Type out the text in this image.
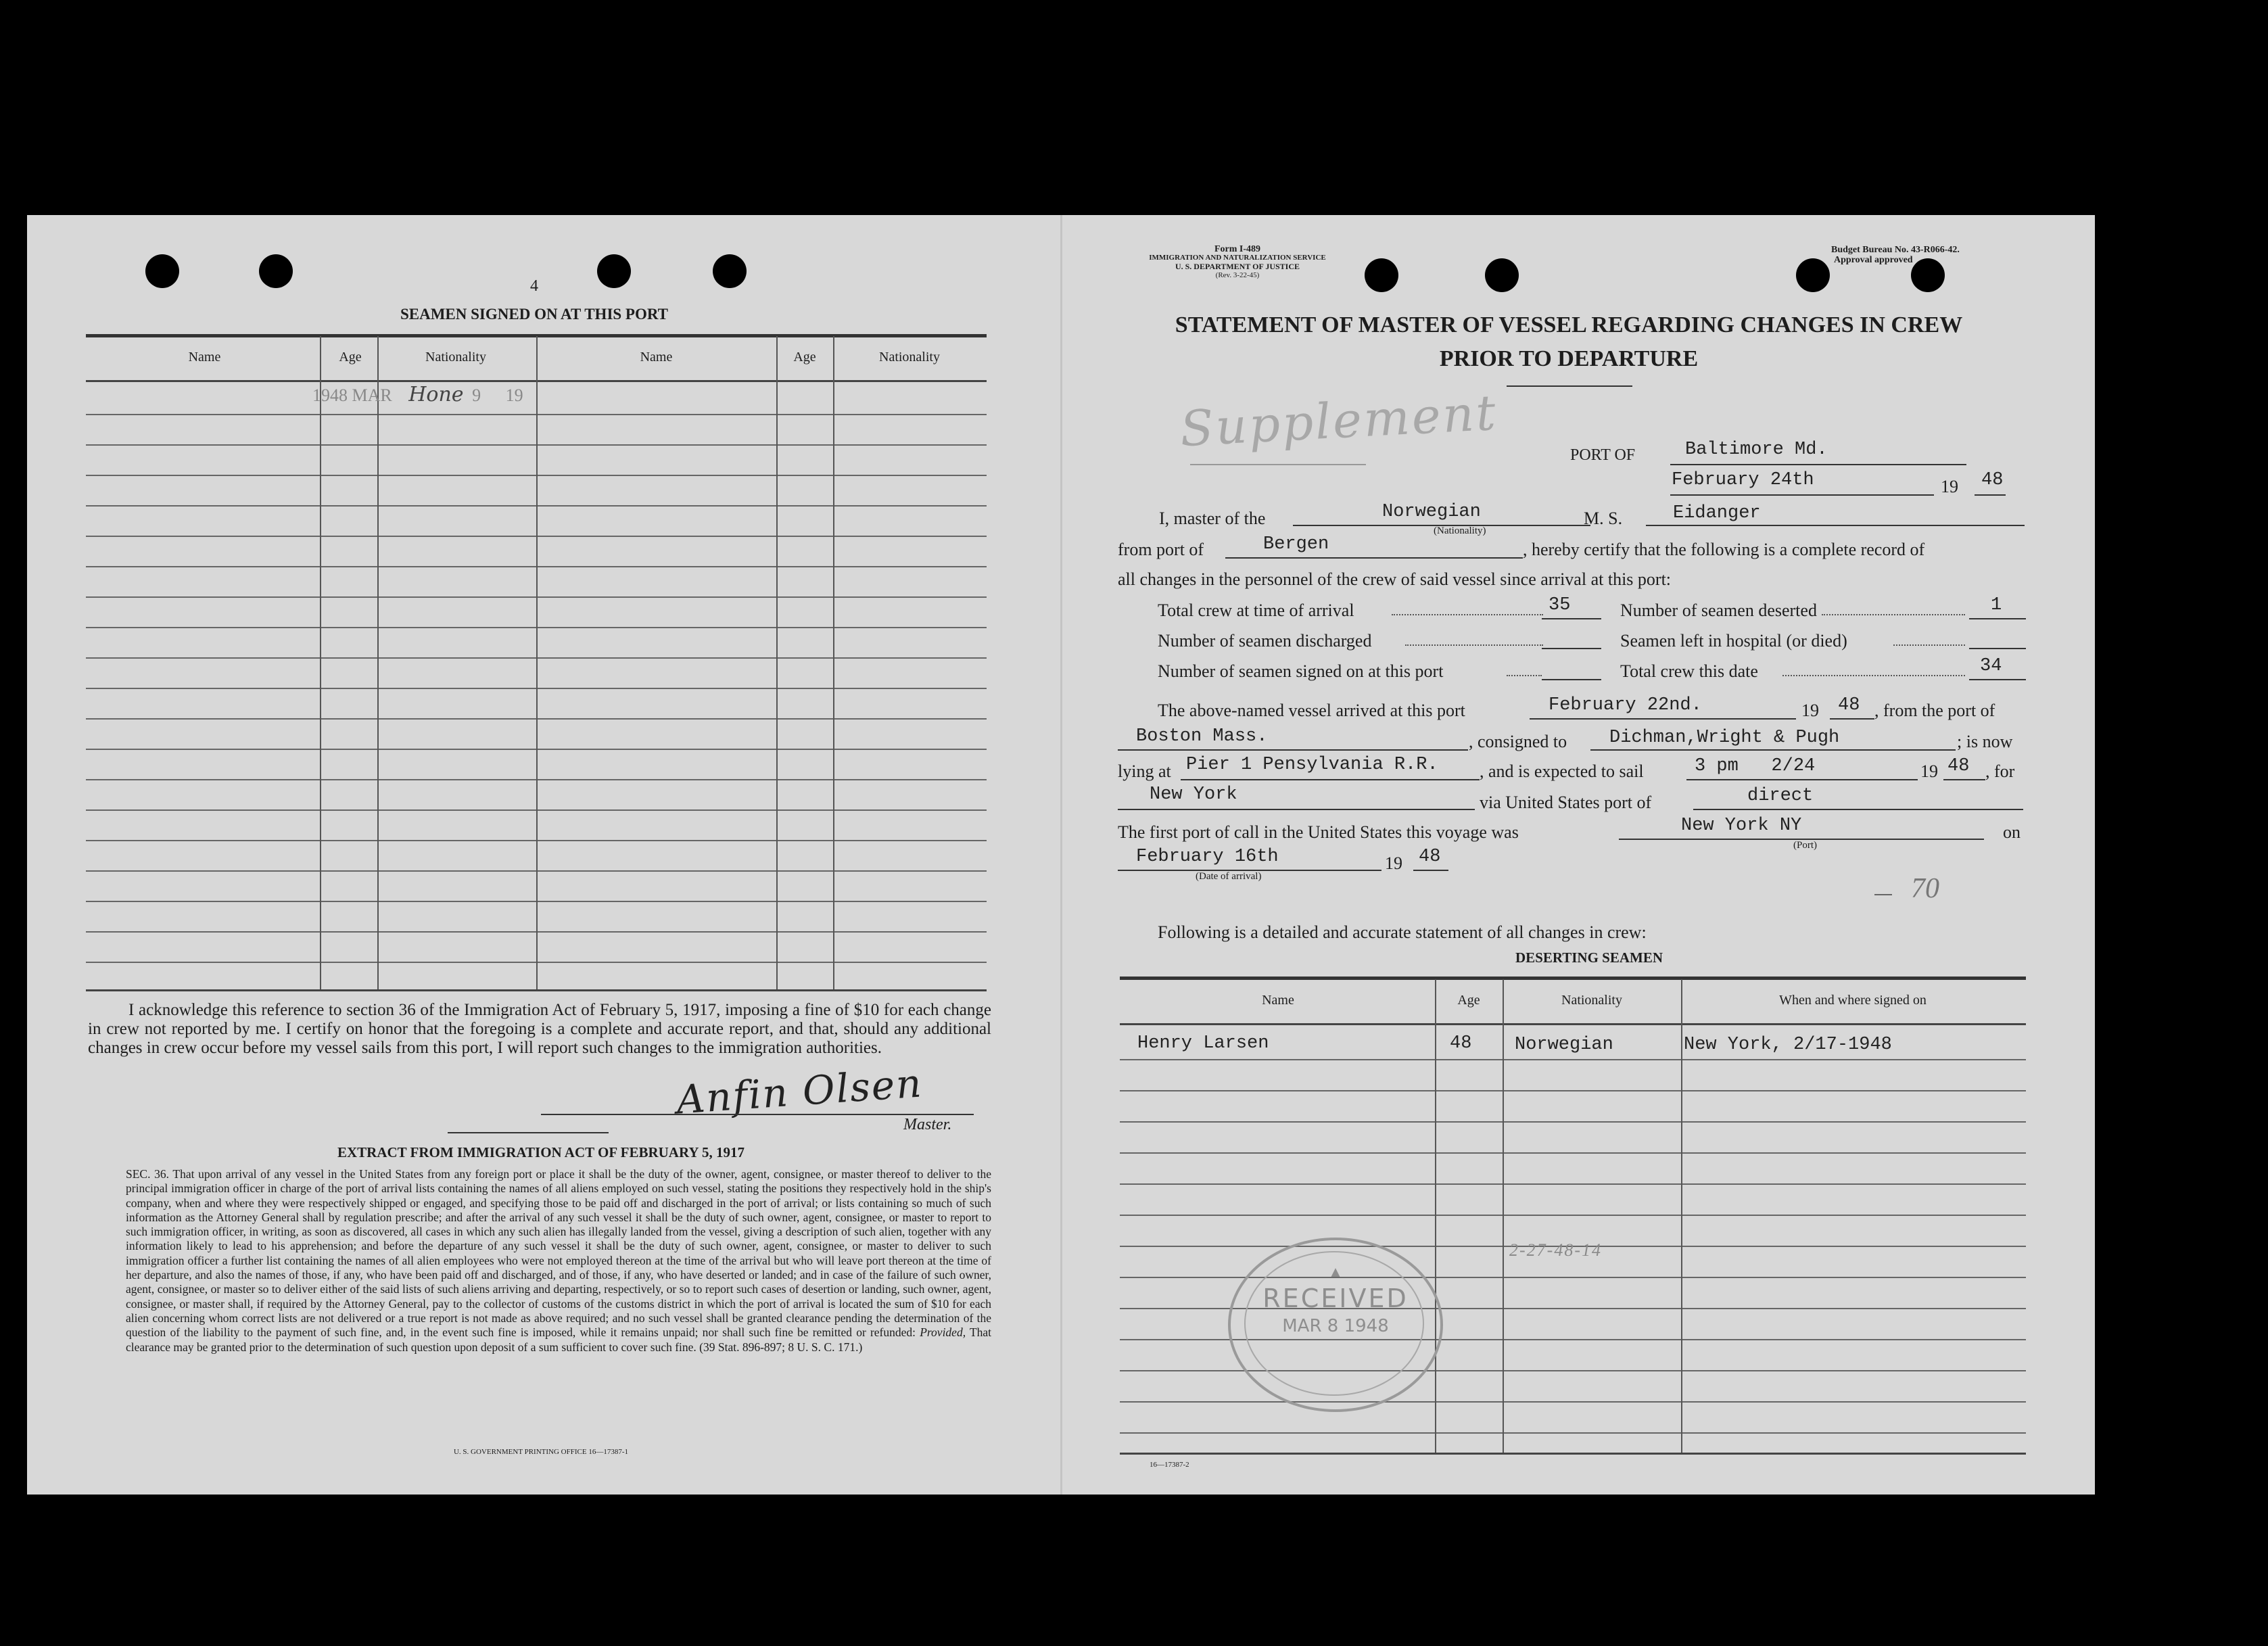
4
SEAMEN SIGNED ON AT THIS PORT
Name	Age	Nationality	Name	Age	Nationality
1948 MAR Hone 9 19
I acknowledge this reference to section 36 of the Immigration Act of February 5, 1917, imposing a fine of $10 for each change in crew not reported by me. I certify on honor that the foregoing is a complete and accurate report, and that, should any additional changes in crew occur before my vessel sails from this port, I will report such changes to the immigration authorities.
Anfin Olsen
Master.
EXTRACT FROM IMMIGRATION ACT OF FEBRUARY 5, 1917
SEC. 36. That upon arrival of any vessel in the United States from any foreign port or place it shall be the duty of the owner, agent, consignee, or master thereof to deliver to the principal immigration officer in charge of the port of arrival lists containing the names of all aliens employed on such vessel, stating the positions they respectively hold in the ship's company, when and where they were respectively shipped or engaged, and specifying those to be paid off and discharged in the port of arrival; or lists containing so much of such information as the Attorney General shall by regulation prescribe; and after the arrival of any such vessel it shall be the duty of such owner, agent, consignee, or master to report to such immigration officer, in writing, as soon as discovered, all cases in which any such alien has illegally landed from the vessel, giving a description of such alien, together with any information likely to lead to his apprehension; and before the departure of any such vessel it shall be the duty of such owner, agent, consignee, or master to deliver to such immigration officer a further list containing the names of all alien employees who were not employed thereon at the time of the arrival but who will leave port thereon at the time of her departure, and also the names of those, if any, who have been paid off and discharged, and of those, if any, who have deserted or landed; and in case of the failure of such owner, agent, consignee, or master so to deliver either of the said lists of such aliens arriving and departing, respectively, or so to report such cases of desertion or landing, such owner, agent, consignee, or master shall, if required by the Attorney General, pay to the collector of customs of the customs district in which the port of arrival is located the sum of $10 for each alien concerning whom correct lists are not delivered or a true report is not made as above required; and no such vessel shall be granted clearance pending the determination of the question of the liability to the payment of such fine, and, in the event such fine is imposed, while it remains unpaid; nor shall such fine be remitted or refunded: Provided, That clearance may be granted prior to the determination of such question upon deposit of a sum sufficient to cover such fine. (39 Stat. 896-897; 8 U. S. C. 171.)
U. S. GOVERNMENT PRINTING OFFICE 16—17387-1
Form I-489
IMMIGRATION AND NATURALIZATION SERVICE
U. S. DEPARTMENT OF JUSTICE
(Rev. 3-22-45)
Budget Bureau No. 43-R066-42.
Approval approved
STATEMENT OF MASTER OF VESSEL REGARDING CHANGES IN CREW
PRIOR TO DEPARTURE
Supplement	PORT OF	Baltimore Md.
February 24th	19 48
I, master of the	Norwegian
(Nationality)
M. S.	Eidanger
from port of	Bergen	, hereby certify that the following is a complete record of
all changes in the personnel of the crew of said vessel since arrival at this port:
Total crew at time of arrival	35
Number of seamen discharged
Number of seamen signed on at this port
Number of seamen deserted	1
Seamen left in hospital (or died)
Total crew this date	34
The above-named vessel arrived at this port	February 22nd.	19 48 , from the port of
Boston Mass.	, consigned to Dichman,Wright & Pugh	; is now
lying at Pier 1 Pensylvania R.R. , and is expected to sail	3 pm   2/24	19 48 , for
New York	via United States port of	direct
The first port of call in the United States this voyage was	New York NY
(Port)
on
February 16th
(Date of arrival)
19 48
70
Following is a detailed and accurate statement of all changes in crew:
DESERTING SEAMEN
Name	Age	Nationality	When and where signed on
Henry Larsen	48 Norwegian	New York, 2/17-1948
2-27-48-14
▲
RECEIVED
MAR 8 1948
16—17387-2
